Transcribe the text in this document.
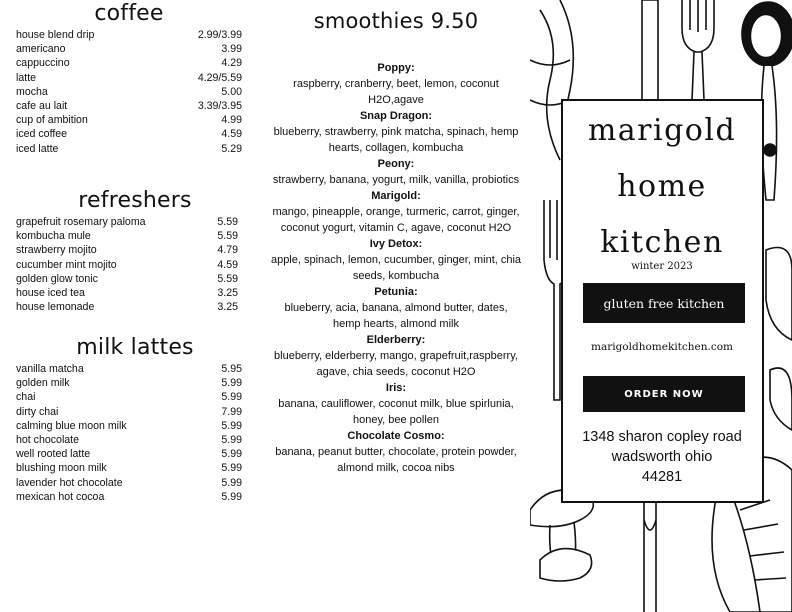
coffee
house blend drip	2.99/3.99
americano	3.99
cappuccino	4.29
latte	4.29/5.59
mocha	5.00
cafe au lait	3.39/3.95
cup of ambition	4.99
iced coffee	4.59
iced latte	5.29
refreshers
grapefruit rosemary paloma	5.59
kombucha mule	5.59
strawberry mojito	4.79
cucumber mint mojito	4.59
golden glow tonic	5.59
house iced tea	3.25
house lemonade	3.25
milk lattes
vanilla matcha	5.95
golden milk	5.99
chai	5.99
dirty chai	7.99
calming blue moon milk	5.99
hot chocolate	5.99
well rooted latte	5.99
blushing moon milk	5.99
lavender hot chocolate	5.99
mexican hot cocoa	5.99
smoothies 9.50
Poppy:
raspberry, cranberry, beet, lemon, coconut H2O,agave
Snap Dragon:
blueberry, strawberry, pink matcha, spinach, hemp hearts, collagen, kombucha
Peony:
strawberry, banana, yogurt, milk, vanilla, probiotics
Marigold:
mango, pineapple, orange, turmeric, carrot, ginger, coconut yogurt, vitamin C, agave, coconut H2O
Ivy Detox:
apple, spinach, lemon, cucumber, ginger, mint, chia seeds, kombucha
Petunia:
blueberry, acia, banana, almond butter, dates, hemp hearts, almond milk
Elderberry:
blueberry, elderberry, mango, grapefruit,raspberry, agave, chia seeds, coconut H2O
Iris:
banana, cauliflower, coconut milk, blue spirlunia, honey, bee pollen
Chocolate Cosmo:
banana, peanut butter, chocolate, protein powder, almond milk, cocoa nibs
marigold
home
kitchen
winter 2023
gluten free kitchen
marigoldhomekitchen.com
ORDER NOW
1348 sharon copley road
wadsworth ohio
44281
